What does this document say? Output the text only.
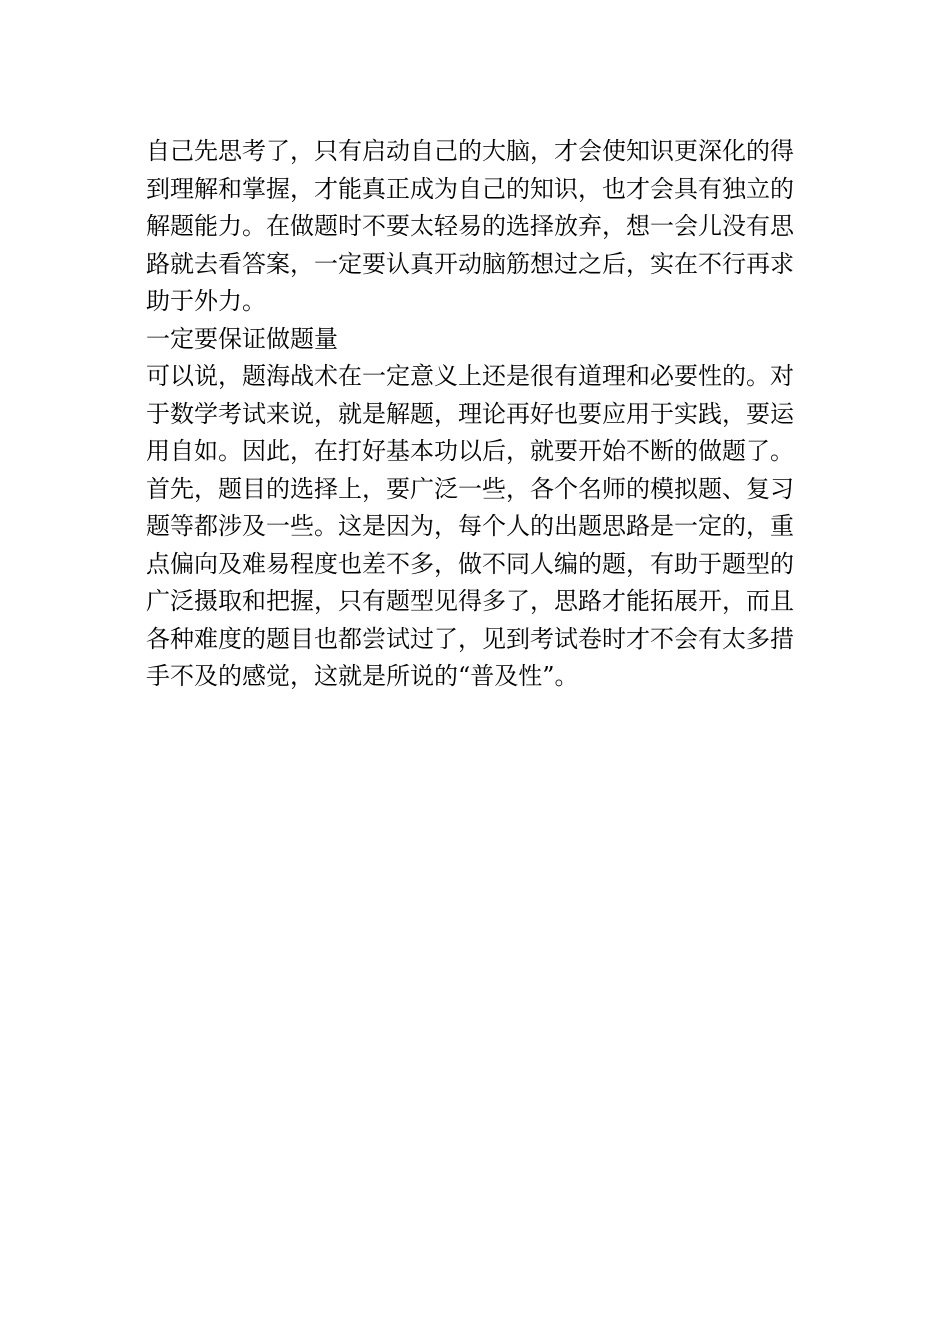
自己先思考了，只有启动自己的大脑，才会使知识更深化的得

到理解和掌握，才能真正成为自己的知识，也才会具有独立的

解题能力。在做题时不要太轻易的选择放弃，想一会儿没有思

路就去看答案，一定要认真开动脑筋想过之后，实在不行再求

助于外力。

一定要保证做题量

可以说，题海战术在一定意义上还是很有道理和必要性的。对

于数学考试来说，就是解题，理论再好也要应用于实践，要运

用自如。因此，在打好基本功以后，就要开始不断的做题了。

首先，题目的选择上，要广泛一些，各个名师的模拟题、复习

题等都涉及一些。这是因为，每个人的出题思路是一定的，重

点偏向及难易程度也差不多，做不同人编的题，有助于题型的

广泛摄取和把握，只有题型见得多了，思路才能拓展开，而且

各种难度的题目也都尝试过了，见到考试卷时才不会有太多措

手不及的感觉，这就是所说的“普及性”。
